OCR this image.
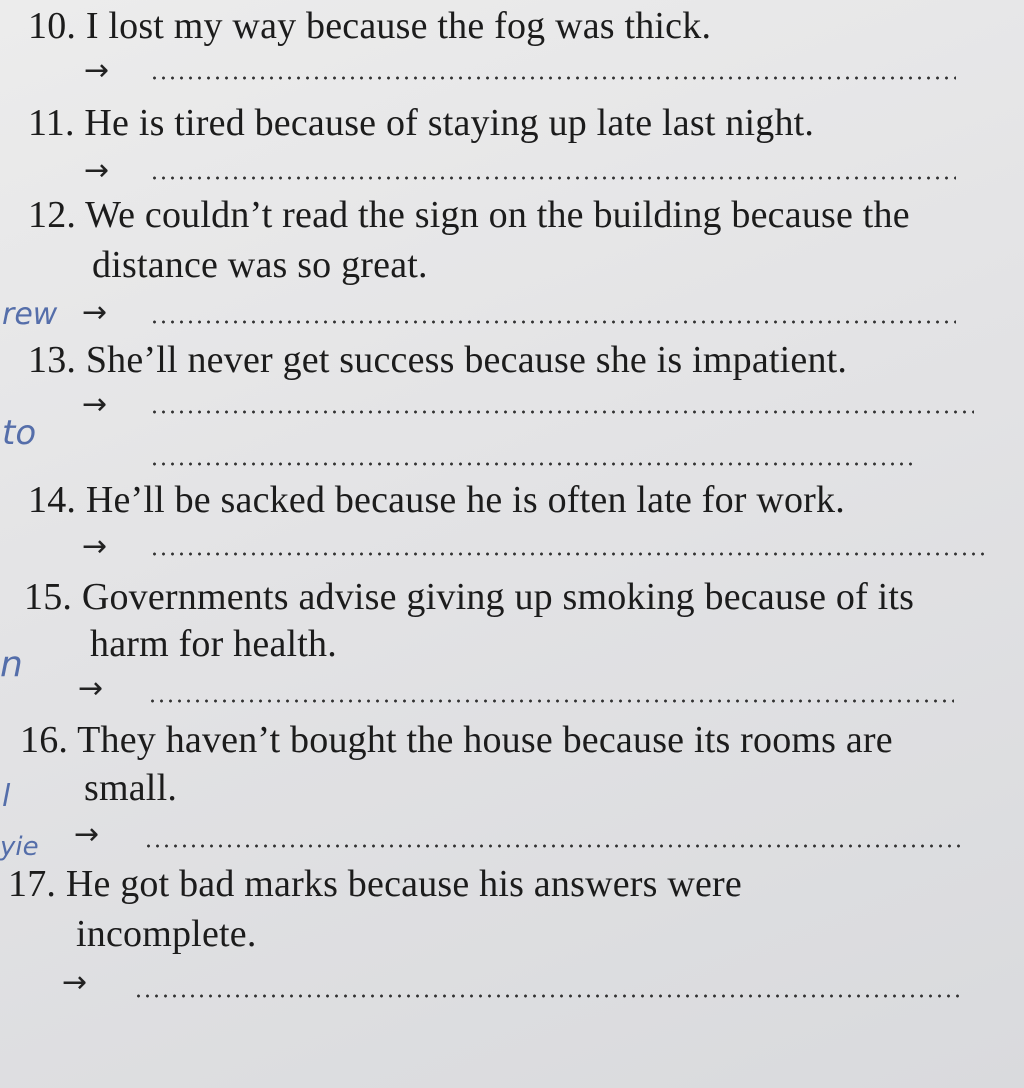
10. I lost my way because the fog was thick.
→
11. He is tired because of staying up late last night.
→
12. We couldn’t read the sign on the building because the
distance was so great.
rew →
13. She’ll never get success because she is impatient.
→
to
14. He’ll be sacked because he is often late for work.
→
15. Governments advise giving up smoking because of its
harm for health.
n
→
16. They haven’t bought the house because its rooms are
small.
l
yie →
17. He got bad marks because his answers were
incomplete.
→
